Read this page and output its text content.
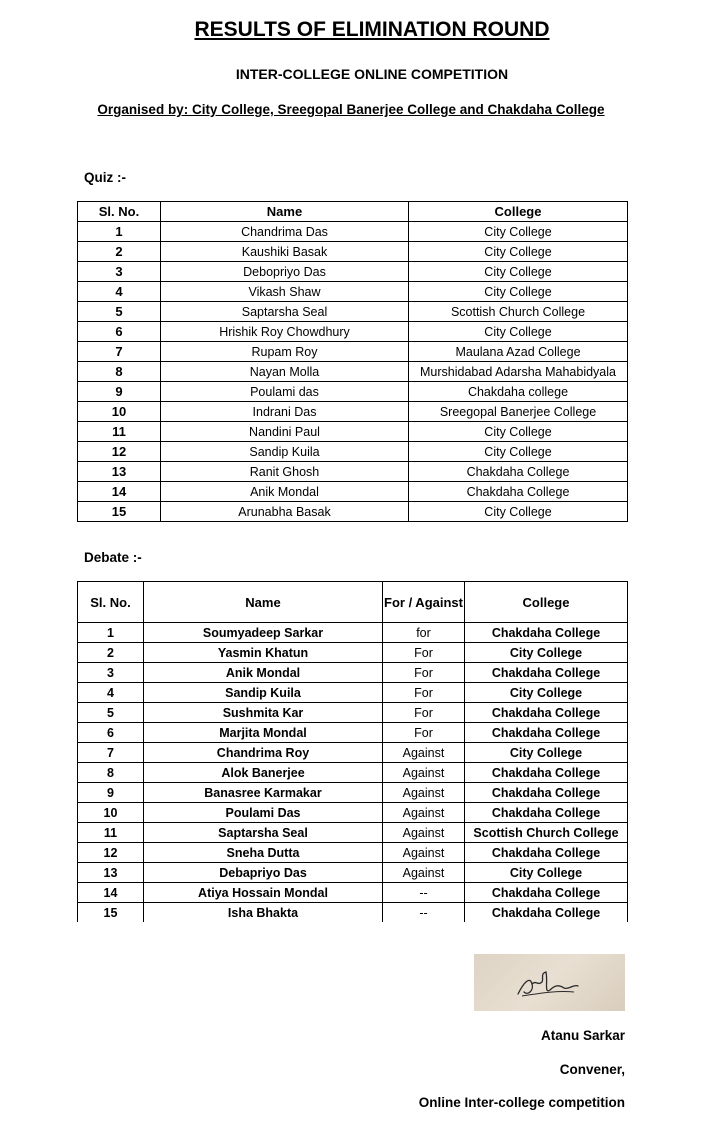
RESULTS OF ELIMINATION ROUND
INTER-COLLEGE ONLINE COMPETITION
Organised by: City College, Sreegopal Banerjee College and Chakdaha College
Quiz :-
Sl. No.	Name	College
1	Chandrima Das	City College
2	Kaushiki Basak	City College
3	Debopriyo Das	City College
4	Vikash Shaw	City College
5	Saptarsha Seal	Scottish Church College
6	Hrishik Roy Chowdhury	City College
7	Rupam Roy	Maulana Azad College
8	Nayan Molla	Murshidabad Adarsha Mahabidyala
9	Poulami das	Chakdaha college
10	Indrani Das	Sreegopal Banerjee College
11	Nandini Paul	City College
12	Sandip Kuila	City College
13	Ranit Ghosh	Chakdaha College
14	Anik Mondal	Chakdaha College
15	Arunabha Basak	City College
Debate :-
Sl. No.	Name	For / Against	College
1	Soumyadeep Sarkar	for	Chakdaha College
2	Yasmin Khatun	For	City College
3	Anik Mondal	For	Chakdaha College
4	Sandip Kuila	For	City College
5	Sushmita Kar	For	Chakdaha College
6	Marjita Mondal	For	Chakdaha College
7	Chandrima Roy	Against	City College
8	Alok Banerjee	Against	Chakdaha College
9	Banasree Karmakar	Against	Chakdaha College
10	Poulami Das	Against	Chakdaha College
11	Saptarsha Seal	Against	Scottish Church College
12	Sneha Dutta	Against	Chakdaha College
13	Debapriyo Das	Against	City College
14	Atiya Hossain Mondal	--	Chakdaha College
15	Isha Bhakta	--	Chakdaha College
Atanu Sarkar
Convener,
Online Inter-college competition
